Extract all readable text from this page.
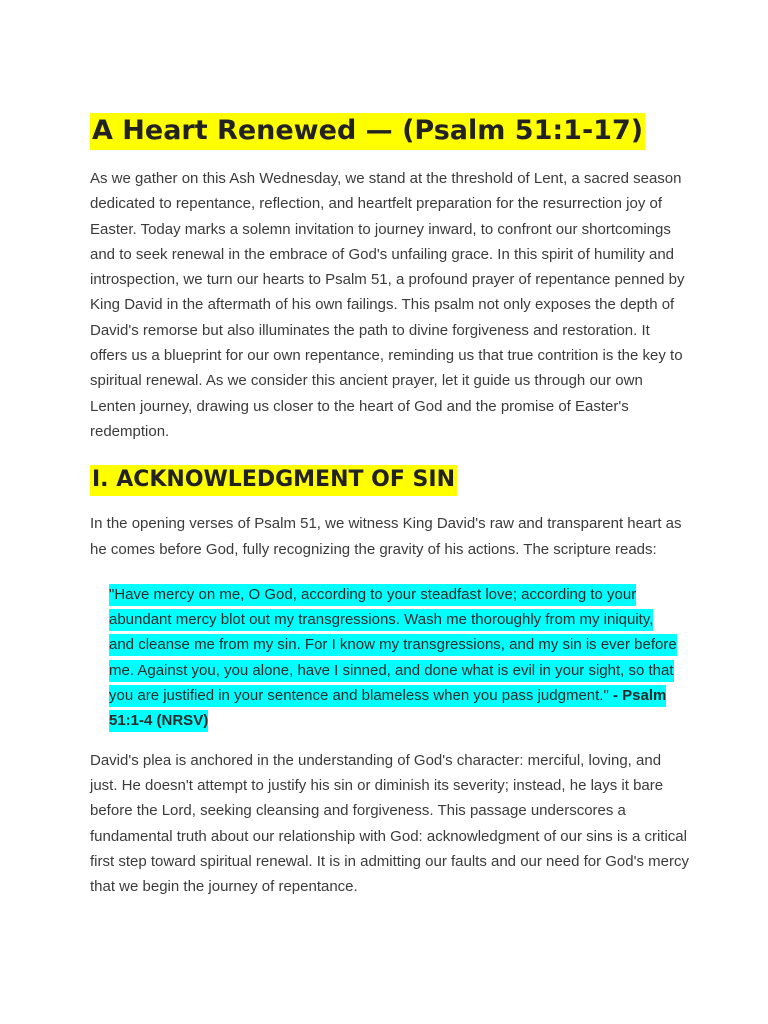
A Heart Renewed — (Psalm 51:1-17)

As we gather on this Ash Wednesday, we stand at the threshold of Lent, a sacred season dedicated to repentance, reflection, and heartfelt preparation for the resurrection joy of Easter. Today marks a solemn invitation to journey inward, to confront our shortcomings and to seek renewal in the embrace of God's unfailing grace. In this spirit of humility and introspection, we turn our hearts to Psalm 51, a profound prayer of repentance penned by King David in the aftermath of his own failings. This psalm not only exposes the depth of David's remorse but also illuminates the path to divine forgiveness and restoration. It offers us a blueprint for our own repentance, reminding us that true contrition is the key to spiritual renewal. As we consider this ancient prayer, let it guide us through our own Lenten journey, drawing us closer to the heart of God and the promise of Easter's redemption.

I. ACKNOWLEDGMENT OF SIN

In the opening verses of Psalm 51, we witness King David's raw and transparent heart as he comes before God, fully recognizing the gravity of his actions. The scripture reads:

"Have mercy on me, O God, according to your steadfast love; according to your abundant mercy blot out my transgressions. Wash me thoroughly from my iniquity, and cleanse me from my sin. For I know my transgressions, and my sin is ever before me. Against you, you alone, have I sinned, and done what is evil in your sight, so that you are justified in your sentence and blameless when you pass judgment." - Psalm 51:1-4 (NRSV)

David's plea is anchored in the understanding of God's character: merciful, loving, and just. He doesn't attempt to justify his sin or diminish its severity; instead, he lays it bare before the Lord, seeking cleansing and forgiveness. This passage underscores a fundamental truth about our relationship with God: acknowledgment of our sins is a critical first step toward spiritual renewal. It is in admitting our faults and our need for God's mercy that we begin the journey of repentance.
